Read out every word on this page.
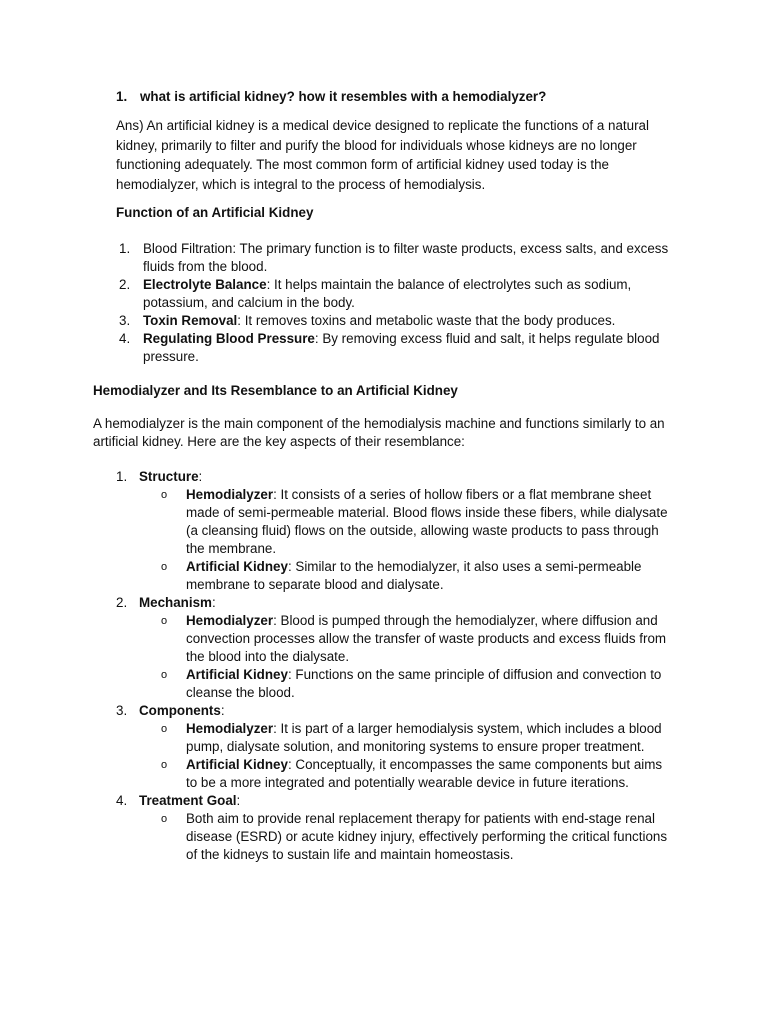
1. what is artificial kidney? how it resembles with a hemodialyzer?
Ans) An artificial kidney is a medical device designed to replicate the functions of a natural kidney, primarily to filter and purify the blood for individuals whose kidneys are no longer functioning adequately. The most common form of artificial kidney used today is the hemodialyzer, which is integral to the process of hemodialysis.
Function of an Artificial Kidney
1. Blood Filtration: The primary function is to filter waste products, excess salts, and excess fluids from the blood.
2. Electrolyte Balance: It helps maintain the balance of electrolytes such as sodium, potassium, and calcium in the body.
3. Toxin Removal: It removes toxins and metabolic waste that the body produces.
4. Regulating Blood Pressure: By removing excess fluid and salt, it helps regulate blood pressure.
Hemodialyzer and Its Resemblance to an Artificial Kidney
A hemodialyzer is the main component of the hemodialysis machine and functions similarly to an artificial kidney. Here are the key aspects of their resemblance:
1. Structure:
o Hemodialyzer: It consists of a series of hollow fibers or a flat membrane sheet made of semi-permeable material. Blood flows inside these fibers, while dialysate (a cleansing fluid) flows on the outside, allowing waste products to pass through the membrane.
o Artificial Kidney: Similar to the hemodialyzer, it also uses a semi-permeable membrane to separate blood and dialysate.
2. Mechanism:
o Hemodialyzer: Blood is pumped through the hemodialyzer, where diffusion and convection processes allow the transfer of waste products and excess fluids from the blood into the dialysate.
o Artificial Kidney: Functions on the same principle of diffusion and convection to cleanse the blood.
3. Components:
o Hemodialyzer: It is part of a larger hemodialysis system, which includes a blood pump, dialysate solution, and monitoring systems to ensure proper treatment.
o Artificial Kidney: Conceptually, it encompasses the same components but aims to be a more integrated and potentially wearable device in future iterations.
4. Treatment Goal:
o Both aim to provide renal replacement therapy for patients with end-stage renal disease (ESRD) or acute kidney injury, effectively performing the critical functions of the kidneys to sustain life and maintain homeostasis.
